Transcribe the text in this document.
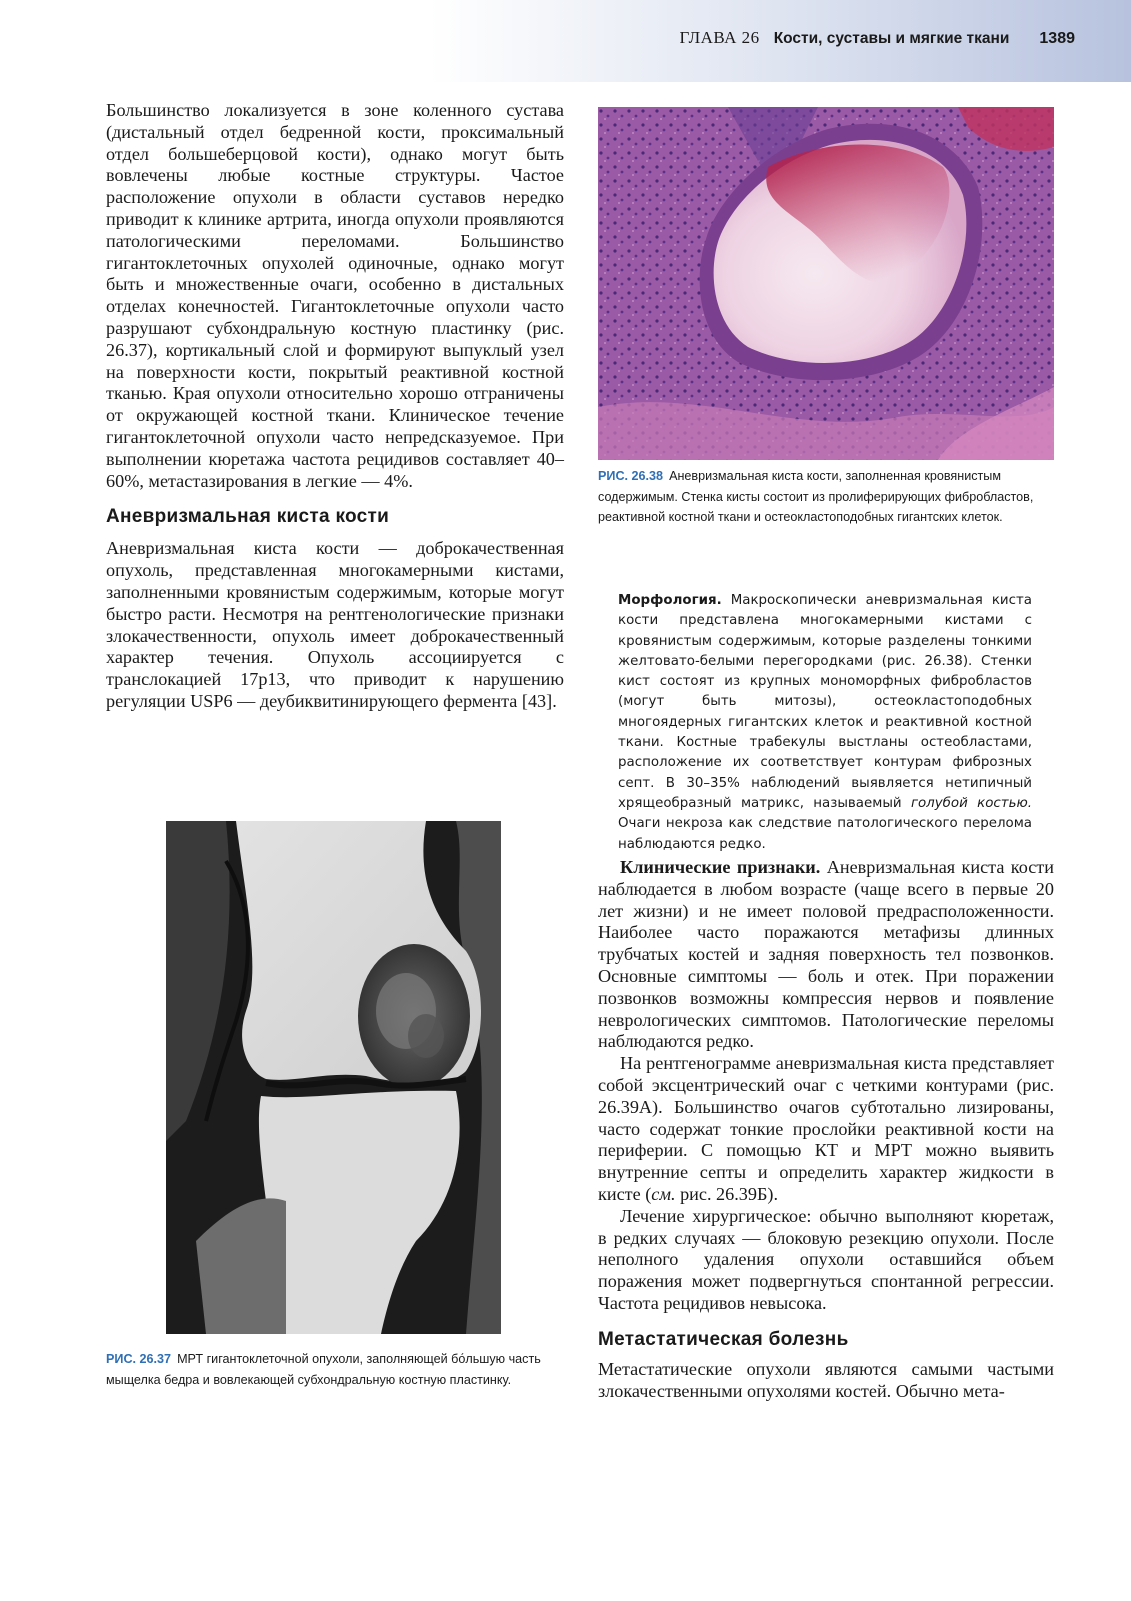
ГЛАВА 26 Кости, суставы и мягкие ткани 1389

Большинство локализуется в зоне коленного сустава (дистальный отдел бедренной кости, проксимальный отдел большеберцовой кости), однако могут быть вовлечены любые костные структуры. Частое расположение опухоли в области суставов нередко приводит к клинике артрита, иногда опухоли проявляются патологическими переломами. Большинство гигантоклеточных опухолей одиночные, однако могут быть и множественные очаги, особенно в дистальных отделах конечностей. Гигантоклеточные опухоли часто разрушают субхондральную костную пластинку (рис. 26.37), кортикальный слой и формируют выпуклый узел на поверхности кости, покрытый реактивной костной тканью. Края опухоли относительно хорошо отграничены от окружающей костной ткани. Клиническое течение гигантоклеточной опухоли часто непредсказуемое. При выполнении кюретажа частота рецидивов составляет 40–60%, метастазирования в легкие — 4%.

Аневризмальная киста кости

Аневризмальная киста кости — доброкачественная опухоль, представленная многокамерными кистами, заполненными кровянистым содержимым, которые могут быстро расти. Несмотря на рентгенологические признаки злокачественности, опухоль имеет доброкачественный характер течения. Опухоль ассоциируется с транслокацией 17p13, что приводит к нарушению регуляции USP6 — деубиквитинирующего фермента [43].

РИС. 26.37 МРТ гигантоклеточной опухоли, заполняющей бо́льшую часть мыщелка бедра и вовлекающей субхондральную костную пластинку.

РИС. 26.38 Аневризмальная киста кости, заполненная кровянистым содержимым. Стенка кисты состоит из пролиферирующих фибробластов, реактивной костной ткани и остеокластоподобных гигантских клеток.

Морфология. Макроскопически аневризмальная киста кости представлена многокамерными кистами с кровянистым содержимым, которые разделены тонкими желтовато-белыми перегородками (рис. 26.38). Стенки кист состоят из крупных мономорфных фибробластов (могут быть митозы), остеокластоподобных многоядерных гигантских клеток и реактивной костной ткани. Костные трабекулы выстланы остеобластами, расположение их соответствует контурам фиброзных септ. В 30–35% наблюдений выявляется нетипичный хрящеобразный матрикс, называемый голубой костью. Очаги некроза как следствие патологического перелома наблюдаются редко.

Клинические признаки. Аневризмальная киста кости наблюдается в любом возрасте (чаще всего в первые 20 лет жизни) и не имеет половой предрасположенности. Наиболее часто поражаются метафизы длинных трубчатых костей и задняя поверхность тел позвонков. Основные симптомы — боль и отек. При поражении позвонков возможны компрессия нервов и появление неврологических симптомов. Патологические переломы наблюдаются редко.

На рентгенограмме аневризмальная киста представляет собой эксцентрический очаг с четкими контурами (рис. 26.39А). Большинство очагов субтотально лизированы, часто содержат тонкие прослойки реактивной кости на периферии. С помощью КТ и МРТ можно выявить внутренние септы и определить характер жидкости в кисте (см. рис. 26.39Б).

Лечение хирургическое: обычно выполняют кюретаж, в редких случаях — блоковую резекцию опухоли. После неполного удаления опухоли оставшийся объем поражения может подвергнуться спонтанной регрессии. Частота рецидивов невысока.

Метастатическая болезнь

Метастатические опухоли являются самыми частыми злокачественными опухолями костей. Обычно мета-
